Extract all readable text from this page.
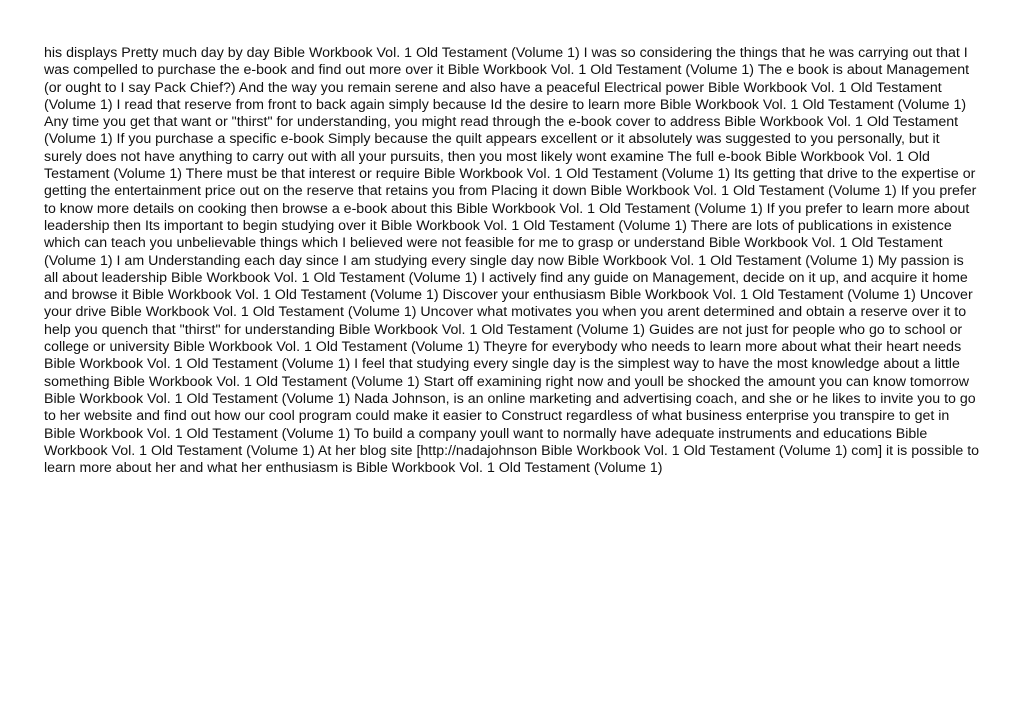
his displays Pretty much day by day Bible Workbook Vol. 1 Old Testament (Volume 1) I was so considering the things that he was carrying out that I was compelled to purchase the e-book and find out more over it Bible Workbook Vol. 1 Old Testament (Volume 1) The e book is about Management (or ought to I say Pack Chief?) And the way you remain serene and also have a peaceful Electrical power Bible Workbook Vol. 1 Old Testament (Volume 1) I read that reserve from front to back again simply because Id the desire to learn more Bible Workbook Vol. 1 Old Testament (Volume 1) Any time you get that want or "thirst" for understanding, you might read through the e-book cover to address Bible Workbook Vol. 1 Old Testament (Volume 1) If you purchase a specific e-book Simply because the quilt appears excellent or it absolutely was suggested to you personally, but it surely does not have anything to carry out with all your pursuits, then you most likely wont examine The full e-book Bible Workbook Vol. 1 Old Testament (Volume 1) There must be that interest or require Bible Workbook Vol. 1 Old Testament (Volume 1) Its getting that drive to the expertise or getting the entertainment price out on the reserve that retains you from Placing it down Bible Workbook Vol. 1 Old Testament (Volume 1) If you prefer to know more details on cooking then browse a e-book about this Bible Workbook Vol. 1 Old Testament (Volume 1) If you prefer to learn more about leadership then Its important to begin studying over it Bible Workbook Vol. 1 Old Testament (Volume 1) There are lots of publications in existence which can teach you unbelievable things which I believed were not feasible for me to grasp or understand Bible Workbook Vol. 1 Old Testament (Volume 1) I am Understanding each day since I am studying every single day now Bible Workbook Vol. 1 Old Testament (Volume 1) My passion is all about leadership Bible Workbook Vol. 1 Old Testament (Volume 1) I actively find any guide on Management, decide on it up, and acquire it home and browse it Bible Workbook Vol. 1 Old Testament (Volume 1) Discover your enthusiasm Bible Workbook Vol. 1 Old Testament (Volume 1) Uncover your drive Bible Workbook Vol. 1 Old Testament (Volume 1) Uncover what motivates you when you arent determined and obtain a reserve over it to help you quench that "thirst" for understanding Bible Workbook Vol. 1 Old Testament (Volume 1) Guides are not just for people who go to school or college or university Bible Workbook Vol. 1 Old Testament (Volume 1) Theyre for everybody who needs to learn more about what their heart needs Bible Workbook Vol. 1 Old Testament (Volume 1) I feel that studying every single day is the simplest way to have the most knowledge about a little something Bible Workbook Vol. 1 Old Testament (Volume 1) Start off examining right now and youll be shocked the amount you can know tomorrow Bible Workbook Vol. 1 Old Testament (Volume 1) Nada Johnson, is an online marketing and advertising coach, and she or he likes to invite you to go to her website and find out how our cool program could make it easier to Construct regardless of what business enterprise you transpire to get in Bible Workbook Vol. 1 Old Testament (Volume 1) To build a company youll want to normally have adequate instruments and educations Bible Workbook Vol. 1 Old Testament (Volume 1) At her blog site [http://nadajohnson Bible Workbook Vol. 1 Old Testament (Volume 1) com] it is possible to learn more about her and what her enthusiasm is Bible Workbook Vol. 1 Old Testament (Volume 1)
